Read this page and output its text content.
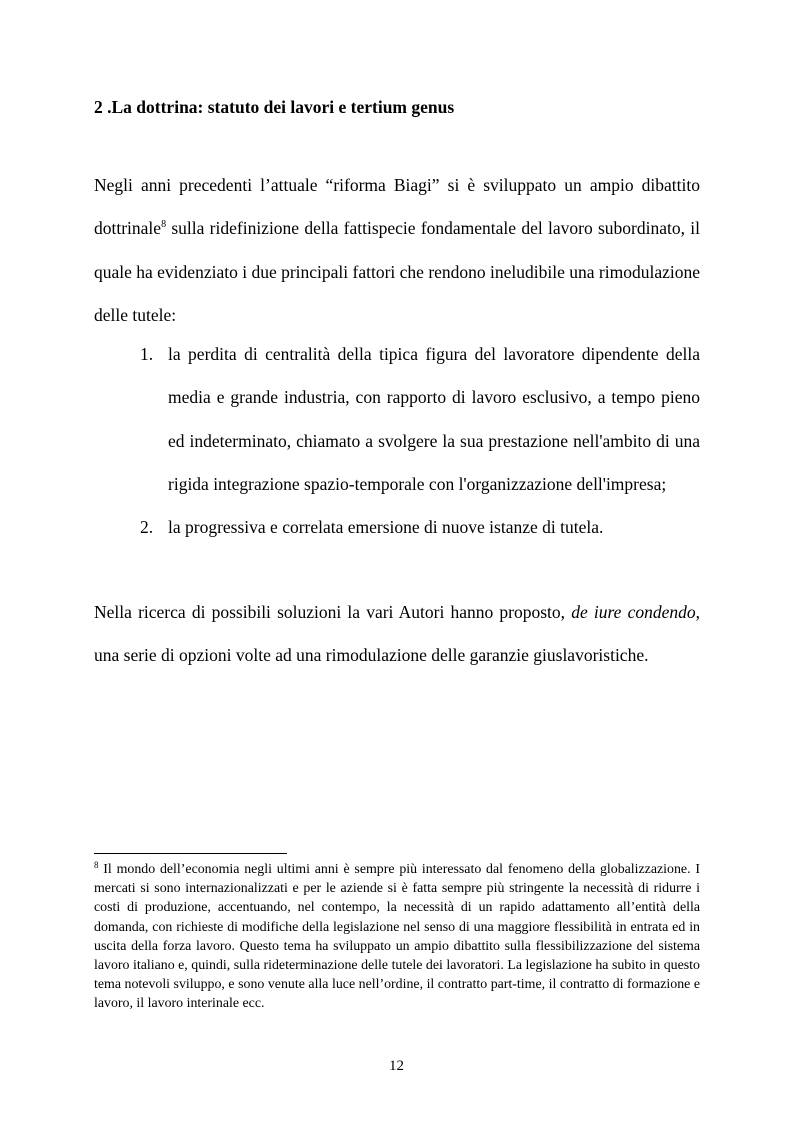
2 .La dottrina: statuto dei lavori e tertium genus
Negli anni precedenti l’attuale “riforma Biagi” si è sviluppato un ampio dibattito dottrinale$^8$ sulla ridefinizione della fattispecie fondamentale del lavoro subordinato, il quale ha evidenziato i due principali fattori che rendono ineludibile una rimodulazione delle tutele:
1. la perdita di centralità della tipica figura del lavoratore dipendente della media e grande industria, con rapporto di lavoro esclusivo, a tempo pieno ed indeterminato, chiamato a svolgere la sua prestazione nell'ambito di una rigida integrazione spazio-temporale con l'organizzazione dell'impresa;
2. la progressiva e correlata emersione di nuove istanze di tutela.
Nella ricerca di possibili soluzioni la vari Autori hanno proposto, de iure condendo, una serie di opzioni volte ad una rimodulazione delle garanzie giuslavoristiche.
$^8$ Il mondo dell’economia negli ultimi anni è sempre più interessato dal fenomeno della globalizzazione. I mercati si sono internazionalizzati e per le aziende si è fatta sempre più stringente la necessità di ridurre i costi di produzione, accentuando, nel contempo, la necessità di un rapido adattamento all’entità della domanda, con richieste di modifiche della legislazione nel senso di una maggiore flessibilità in entrata ed in uscita della forza lavoro. Questo tema ha sviluppato un ampio dibattito sulla flessibilizzazione del sistema lavoro italiano e, quindi, sulla rideterminazione delle tutele dei lavoratori. La legislazione ha subito in questo tema notevoli sviluppo, e sono venute alla luce nell’ordine, il contratto part-time, il contratto di formazione e lavoro, il lavoro interinale ecc.
12
